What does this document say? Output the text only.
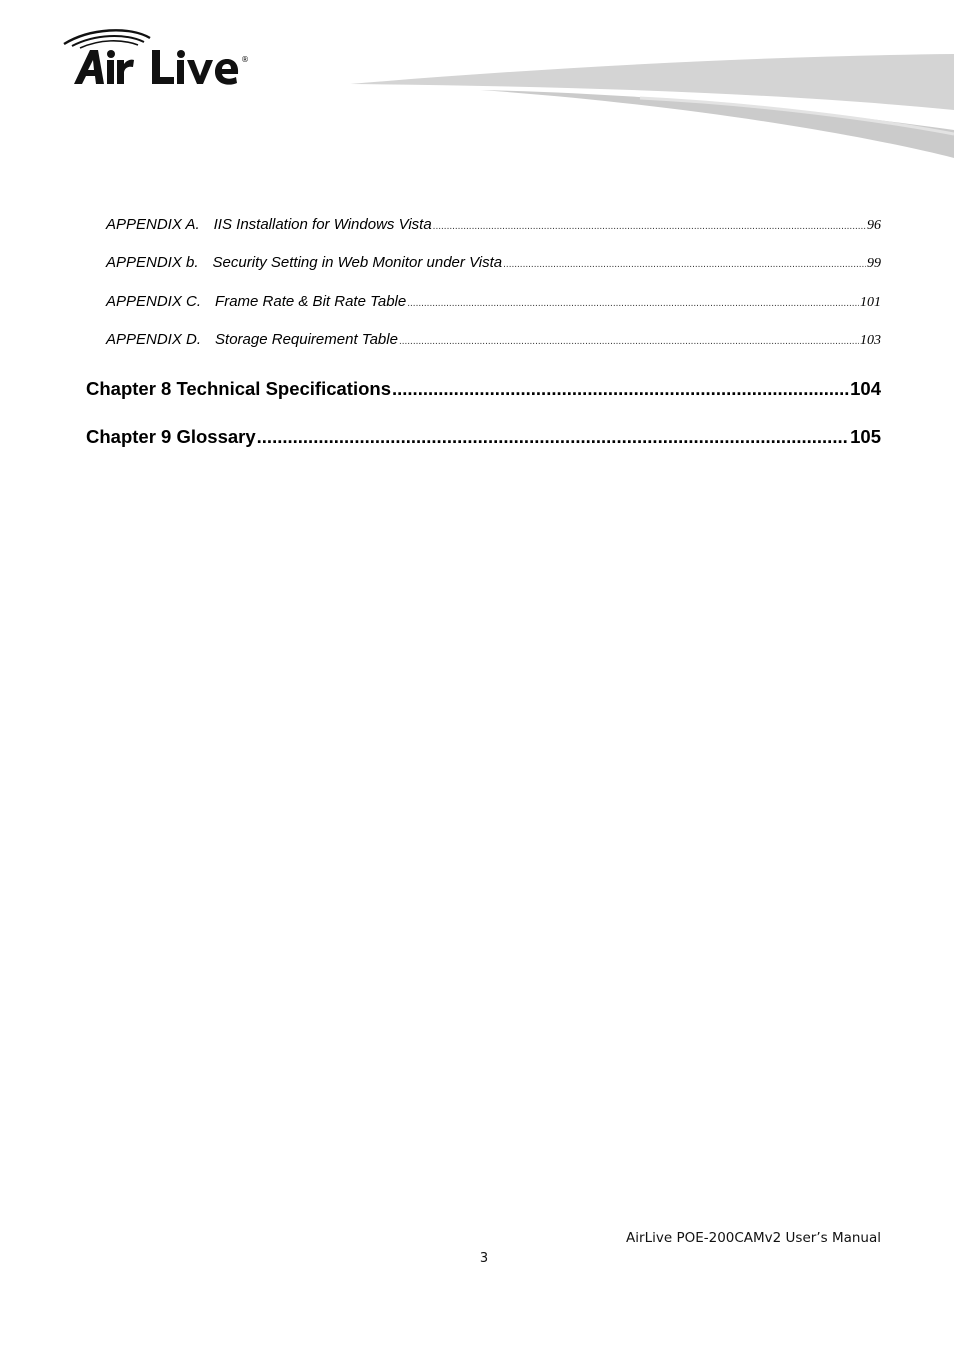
®
APPENDIX A. IIS Installation for Windows Vista .....	96
APPENDIX b. Security Setting in Web Monitor under Vista .....	99
APPENDIX C. Frame Rate & Bit Rate Table .....	101
APPENDIX D. Storage Requirement Table .....	103
Chapter 8 Technical Specifications .....	104
Chapter 9 Glossary .....	105
AirLive POE-200CAMv2 User’s Manual
3
